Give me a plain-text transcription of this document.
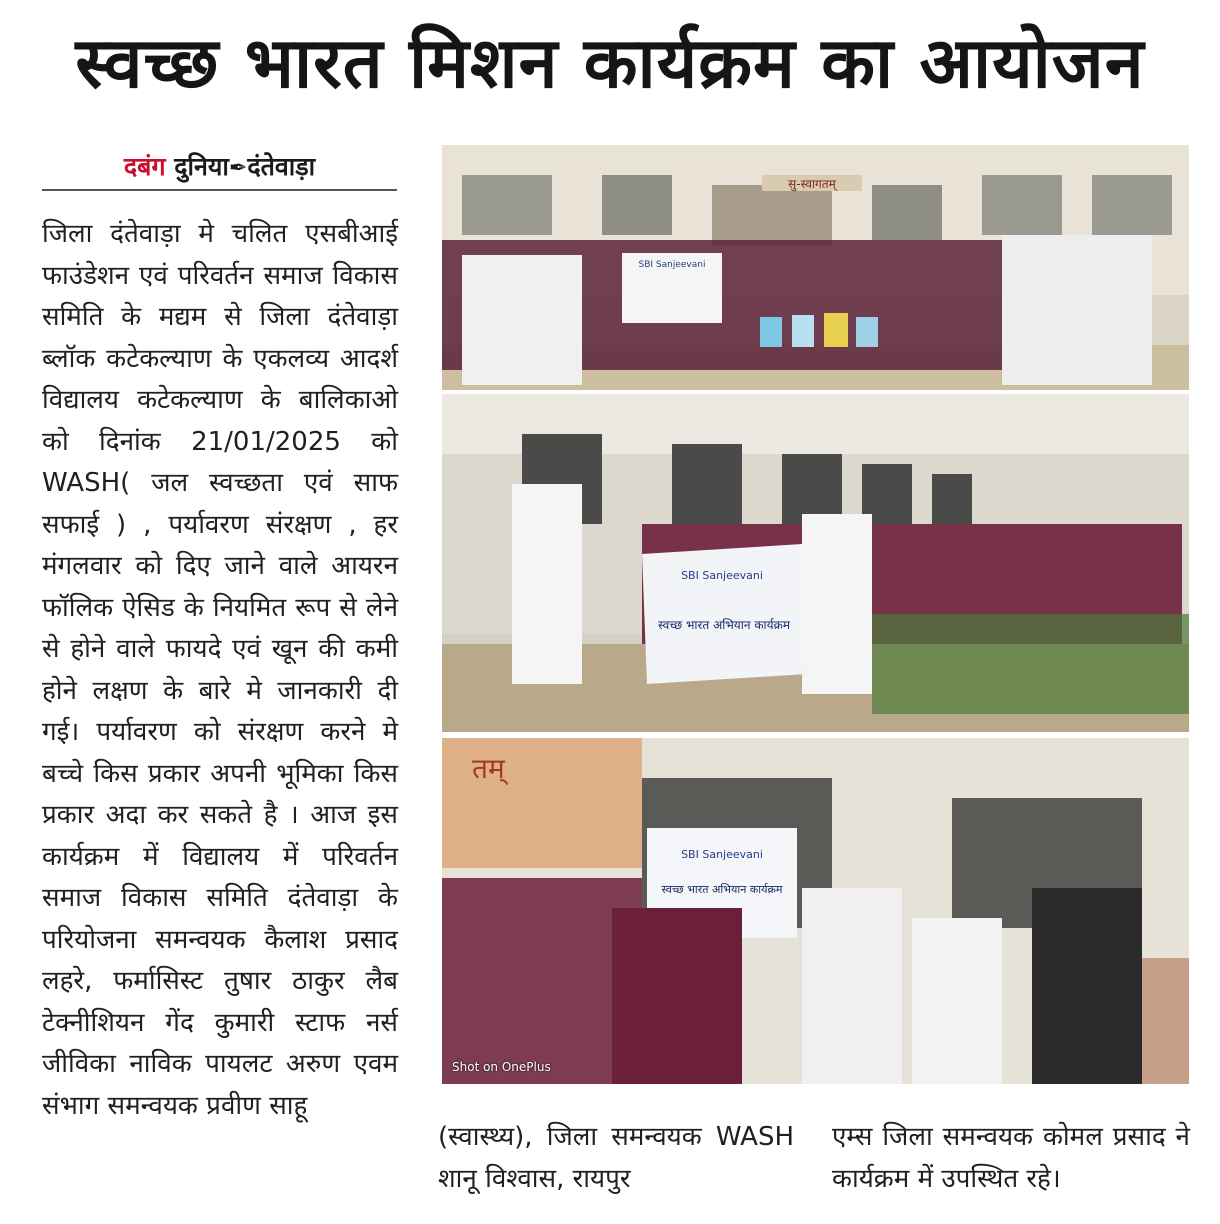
स्वच्छ भारत मिशन कार्यक्रम का आयोजन
दबंग दुनिया✒दंतेवाड़ा

जिला दंतेवाड़ा मे चलित एसबीआई फाउंडेशन एवं परिवर्तन समाज विकास समिति के मद्यम से जिला दंतेवाड़ा ब्लॉक कटेकल्याण के एकलव्य आदर्श विद्यालय कटेकल्याण के बालिकाओ को दिनांक 21/01/2025 को WASH( जल स्वच्छता एवं साफ सफाई ) , पर्यावरण संरक्षण , हर मंगलवार को दिए जाने वाले आयरन फॉलिक ऐसिड के नियमित रूप से लेने से होने वाले फायदे एवं खून की कमी होने लक्षण के बारे मे जानकारी दी गई। पर्यावरण को संरक्षण करने मे बच्चे किस प्रकार अपनी भूमिका किस प्रकार अदा कर सकते है । आज इस कार्यक्रम में विद्यालय में परिवर्तन समाज विकास समिति दंतेवाड़ा के परियोजना समन्वयक कैलाश प्रसाद लहरे, फर्मासिस्ट तुषार ठाकुर लैब टेक्नीशियन गेंद कुमारी स्टाफ नर्स जीविका नाविक पायलट अरुण एवम संभाग समन्वयक प्रवीण साहू

सु-स्वागतम्
SBI Sanjeevani
SBI Sanjeevani
स्वच्छ भारत अभियान कार्यक्रम
तम्
SBI Sanjeevani
स्वच्छ भारत अभियान कार्यक्रम
Shot on OnePlus

(स्वास्थ्य), जिला समन्वयक WASH शानू विश्वास, रायपुर

एम्स जिला समन्वयक कोमल प्रसाद ने कार्यक्रम में उपस्थित रहे।
